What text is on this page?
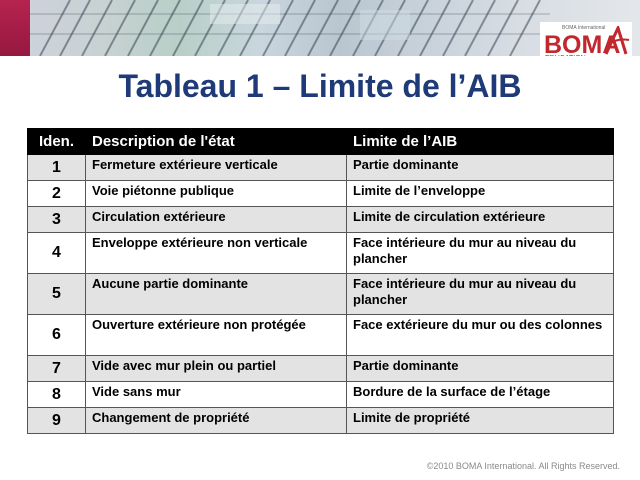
BOMA International
BOMA
Tableau 1 – Limite de l’AIB
Iden.	Description de l'état	Limite de l’AIB
1	Fermeture extérieure verticale	Partie dominante
2	Voie piétonne publique	Limite de l’enveloppe
3	Circulation extérieure	Limite de circulation extérieure
4	Enveloppe extérieure non verticale	Face intérieure du mur au niveau du plancher
5	Aucune partie dominante	Face intérieure du mur au niveau du plancher
6	Ouverture extérieure non protégée	Face extérieure du mur ou des colonnes
7	Vide avec mur plein ou partiel	Partie dominante
8	Vide sans mur	Bordure de la surface de l’étage
9	Changement de propriété	Limite de propriété
©2010 BOMA International. All Rights Reserved.
